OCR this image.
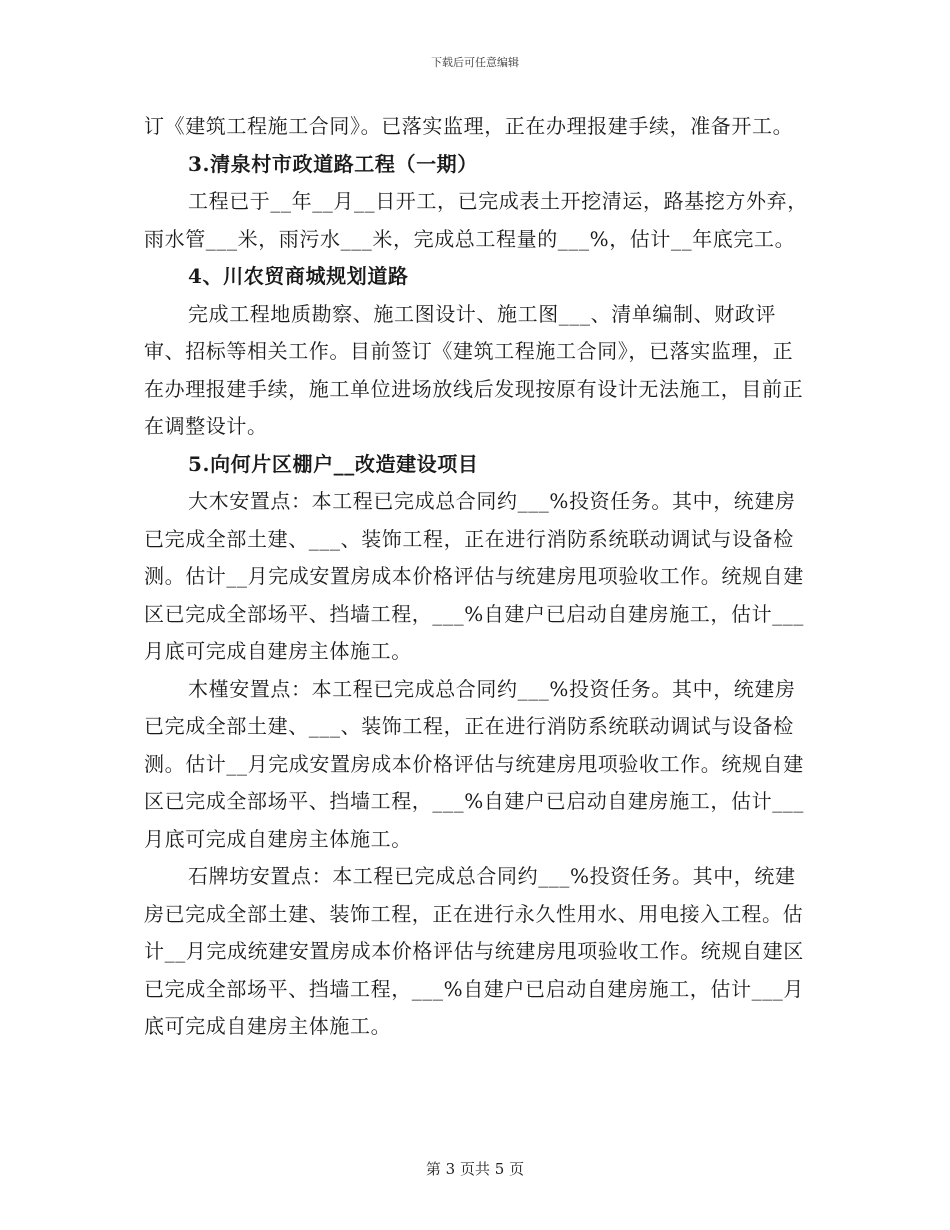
下载后可任意编辑

订《建筑工程施工合同》。已落实监理，正在办理报建手续，准备开工。

3.清泉村市政道路工程（一期）

工程已于__年__月__日开工，已完成表土开挖清运，路基挖方外弃，雨水管___米，雨污水___米，完成总工程量的___%，估计__年底完工。

4、川农贸商城规划道路

完成工程地质勘察、施工图设计、施工图___、清单编制、财政评审、招标等相关工作。目前签订《建筑工程施工合同》，已落实监理，正在办理报建手续，施工单位进场放线后发现按原有设计无法施工，目前正在调整设计。

5.向何片区棚户__改造建设项目

大木安置点：本工程已完成总合同约___%投资任务。其中，统建房已完成全部土建、___、装饰工程，正在进行消防系统联动调试与设备检测。估计__月完成安置房成本价格评估与统建房甩项验收工作。统规自建区已完成全部场平、挡墙工程，___%自建户已启动自建房施工，估计___月底可完成自建房主体施工。

木槿安置点：本工程已完成总合同约___%投资任务。其中，统建房已完成全部土建、___、装饰工程，正在进行消防系统联动调试与设备检测。估计__月完成安置房成本价格评估与统建房甩项验收工作。统规自建区已完成全部场平、挡墙工程，___%自建户已启动自建房施工，估计___月底可完成自建房主体施工。

石牌坊安置点：本工程已完成总合同约___%投资任务。其中，统建房已完成全部土建、装饰工程，正在进行永久性用水、用电接入工程。估计__月完成统建安置房成本价格评估与统建房甩项验收工作。统规自建区已完成全部场平、挡墙工程，___%自建户已启动自建房施工，估计___月底可完成自建房主体施工。

第 3 页共 5 页
